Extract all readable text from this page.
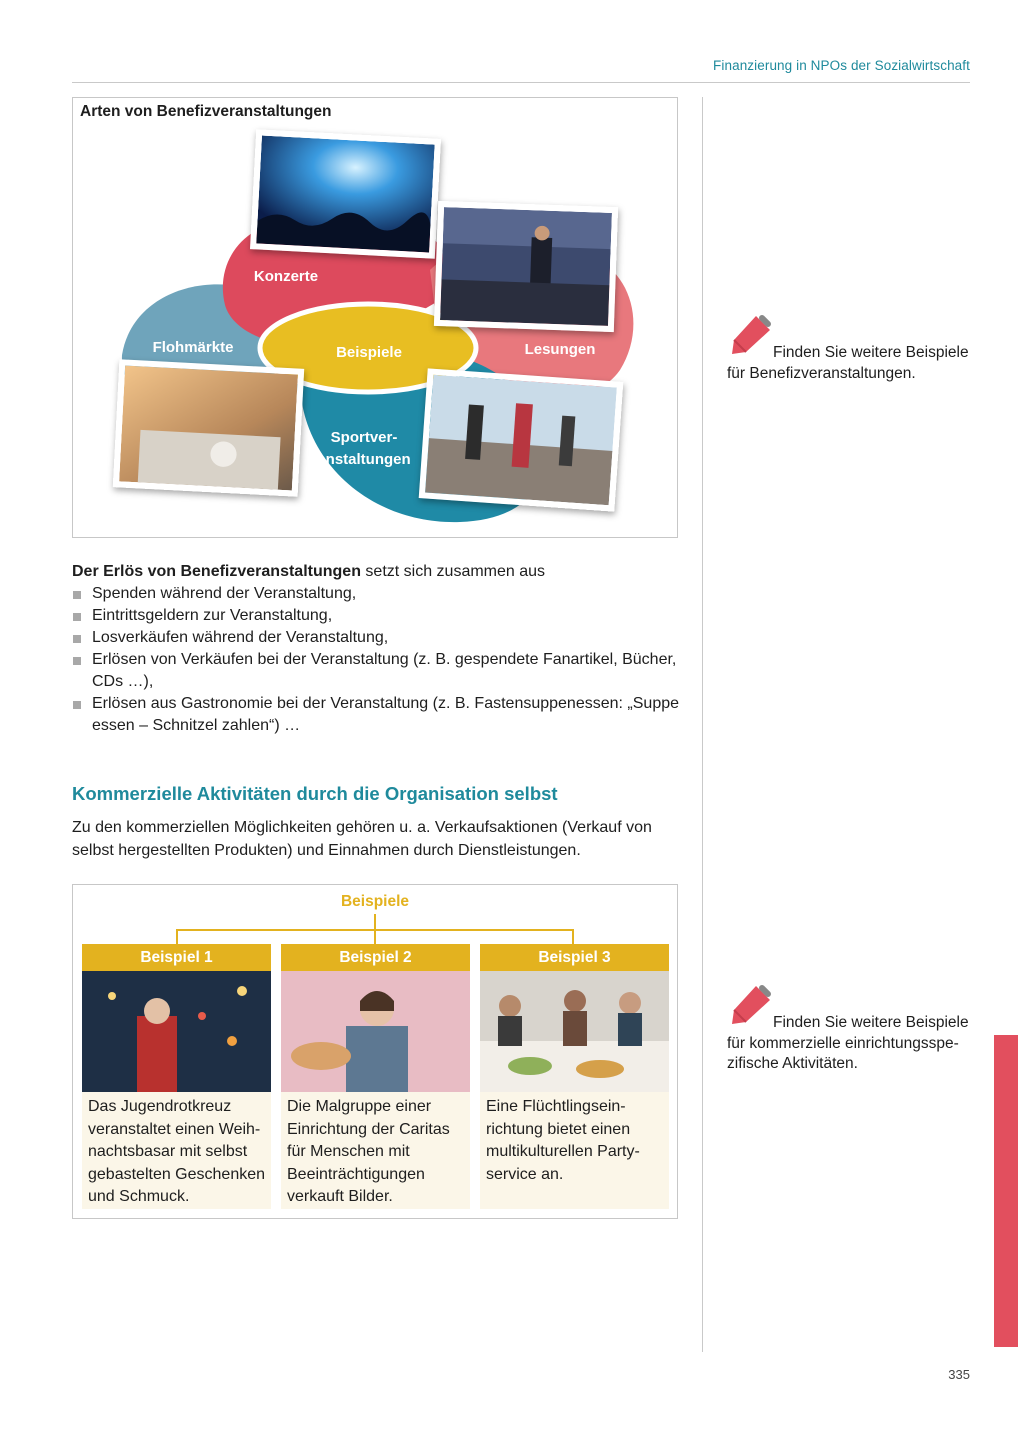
Finanzierung in NPOs der Sozialwirtschaft
335
Arten von Benefizveranstaltungen
Konzerte
Flohmärkte	Lesungen
Beispiele
Sportver-
anstaltungen
Der Erlös von Benefizveranstaltungen setzt sich zusammen aus
Spenden während der Veranstaltung,
Eintrittsgeldern zur Veranstaltung,
Losverkäufen während der Veranstaltung,
Erlösen von Verkäufen bei der Veranstaltung (z. B. gespendete Fanartikel, Bücher, CDs …),
Erlösen aus Gastronomie bei der Veranstaltung (z. B. Fastensuppenessen: „Suppe essen – Schnitzel zahlen“) …
Kommerzielle Aktivitäten durch die Organisation selbst
Zu den kommerziellen Möglichkeiten gehören u. a. Verkaufsaktionen (Verkauf von selbst hergestellten Produkten) und Einnahmen durch Dienstleistungen.
Beispiele
Beispiel 1
Das Jugendrotkreuz veranstaltet einen Weihnachtsbasar mit selbst gebastelten Geschenken und Schmuck.
Beispiel 2
Die Malgruppe einer Einrichtung der Caritas für Menschen mit Beeinträchtigungen verkauft Bilder.
Beispiel 3
Eine Flüchtlingseinrichtung bietet einen multikulturellen Partyservice an.
Finden Sie weitere Beispiele für Benefizveranstaltungen.
Finden Sie weitere Beispiele für kommerzielle einrichtungsspezifische Aktivitäten.
